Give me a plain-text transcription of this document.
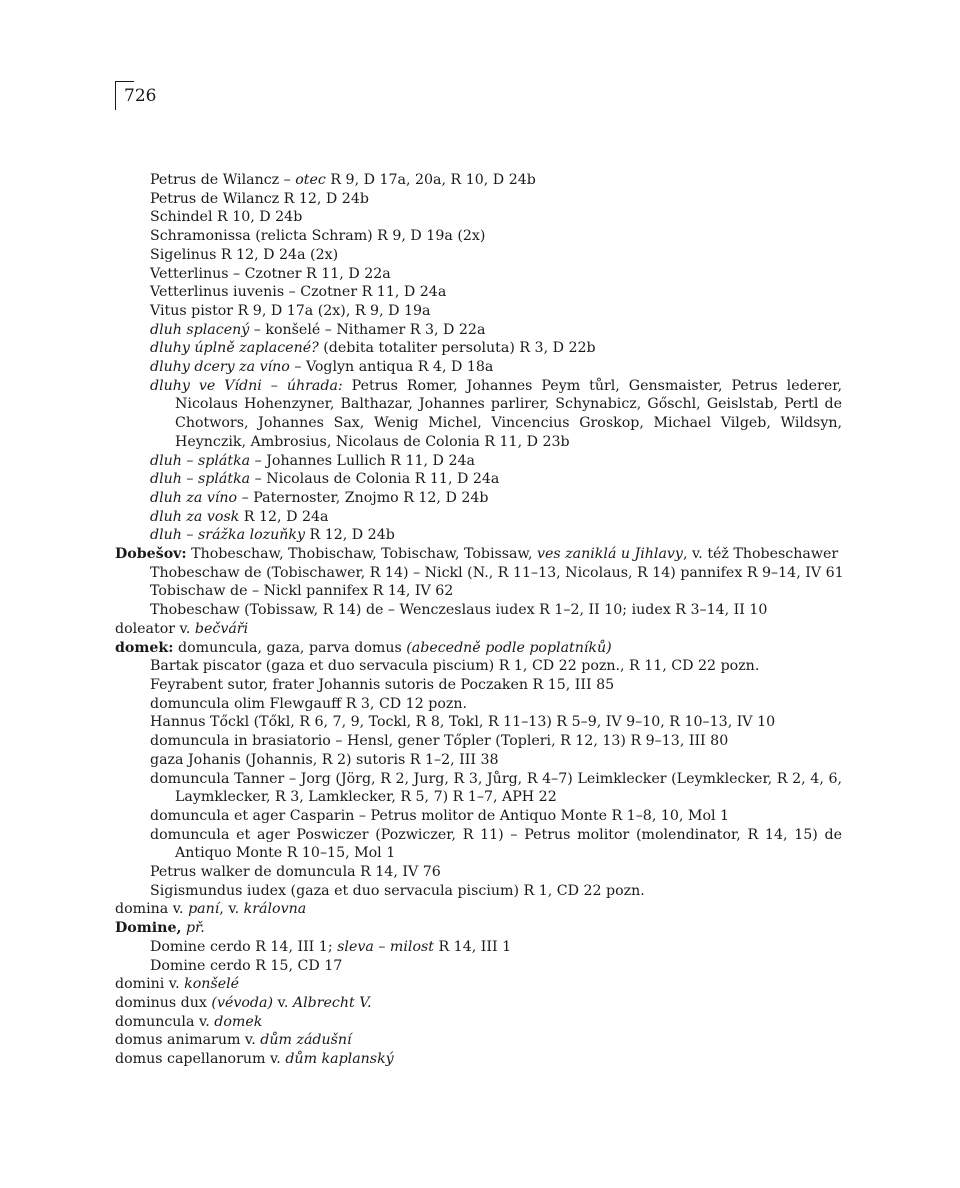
726
Petrus de Wilancz – otec R 9, D 17a, 20a, R 10, D 24b
Petrus de Wilancz R 12, D 24b
Schindel R 10, D 24b
Schramonissa (relicta Schram) R 9, D 19a (2x)
Sigelinus R 12, D 24a (2x)
Vetterlinus – Czotner R 11, D 22a
Vetterlinus iuvenis – Czotner R 11, D 24a
Vitus pistor R 9, D 17a (2x), R 9, D 19a
dluh splacený – konšelé – Nithamer R 3, D 22a
dluhy úplně zaplacené? (debita totaliter persoluta) R 3, D 22b
dluhy dcery za víno – Voglyn antiqua R 4, D 18a
dluhy ve Vídni – úhrada: Petrus Romer, Johannes Peym tůrl, Gensmaister, Petrus lederer, Nicolaus Hohenzyner, Balthazar, Johannes parlirer, Schynabicz, Gőschl, Geislstab, Pertl de Chotwors, Johannes Sax, Wenig Michel, Vincencius Groskop, Michael Vilgeb, Wildsyn, Heynczik, Ambrosius, Nicolaus de Colonia R 11, D 23b
dluh – splátka – Johannes Lullich R 11, D 24a
dluh – splátka – Nicolaus de Colonia R 11, D 24a
dluh za víno – Paternoster, Znojmo R 12, D 24b
dluh za vosk R 12, D 24a
dluh – srážka lozuňky R 12, D 24b
Dobešov: Thobeschaw, Thobischaw, Tobischaw, Tobissaw, ves zaniklá u Jihlavy, v. též Thobeschawer
Thobeschaw de (Tobischawer, R 14) – Nickl (N., R 11–13, Nicolaus, R 14) pannifex R 9–14, IV 61
Tobischaw de – Nickl pannifex R 14, IV 62
Thobeschaw (Tobissaw, R 14) de – Wenczeslaus iudex R 1–2, II 10; iudex R 3–14, II 10
doleator v. bečváři
domek: domuncula, gaza, parva domus (abecedně podle poplatníků)
Bartak piscator (gaza et duo servacula piscium) R 1, CD 22 pozn., R 11, CD 22 pozn.
Feyrabent sutor, frater Johannis sutoris de Poczaken R 15, III 85
domuncula olim Flewgauff R 3, CD 12 pozn.
Hannus Tőckl (Tőkl, R 6, 7, 9, Tockl, R 8, Tokl, R 11–13) R 5–9, IV 9–10, R 10–13, IV 10
domuncula in brasiatorio – Hensl, gener Tőpler (Topleri, R 12, 13) R 9–13, III 80
gaza Johanis (Johannis, R 2) sutoris R 1–2, III 38
domuncula Tanner – Jorg (Jörg, R 2, Jurg, R 3, Jůrg, R 4–7) Leimklecker (Leymklecker, R 2, 4, 6, Laymklecker, R 3, Lamklecker, R 5, 7) R 1–7, APH 22
domuncula et ager Casparin – Petrus molitor de Antiquo Monte R 1–8, 10, Mol 1
domuncula et ager Poswiczer (Pozwiczer, R 11) – Petrus molitor (molendinator, R 14, 15) de Antiquo Monte R 10–15, Mol 1
Petrus walker de domuncula R 14, IV 76
Sigismundus iudex (gaza et duo servacula piscium) R 1, CD 22 pozn.
domina v. paní, v. královna
Domine, př.
Domine cerdo R 14, III 1; sleva – milost R 14, III 1
Domine cerdo R 15, CD 17
domini v. konšelé
dominus dux (vévoda) v. Albrecht V.
domuncula v. domek
domus animarum v. dům zádušní
domus capellanorum v. dům kaplanský
